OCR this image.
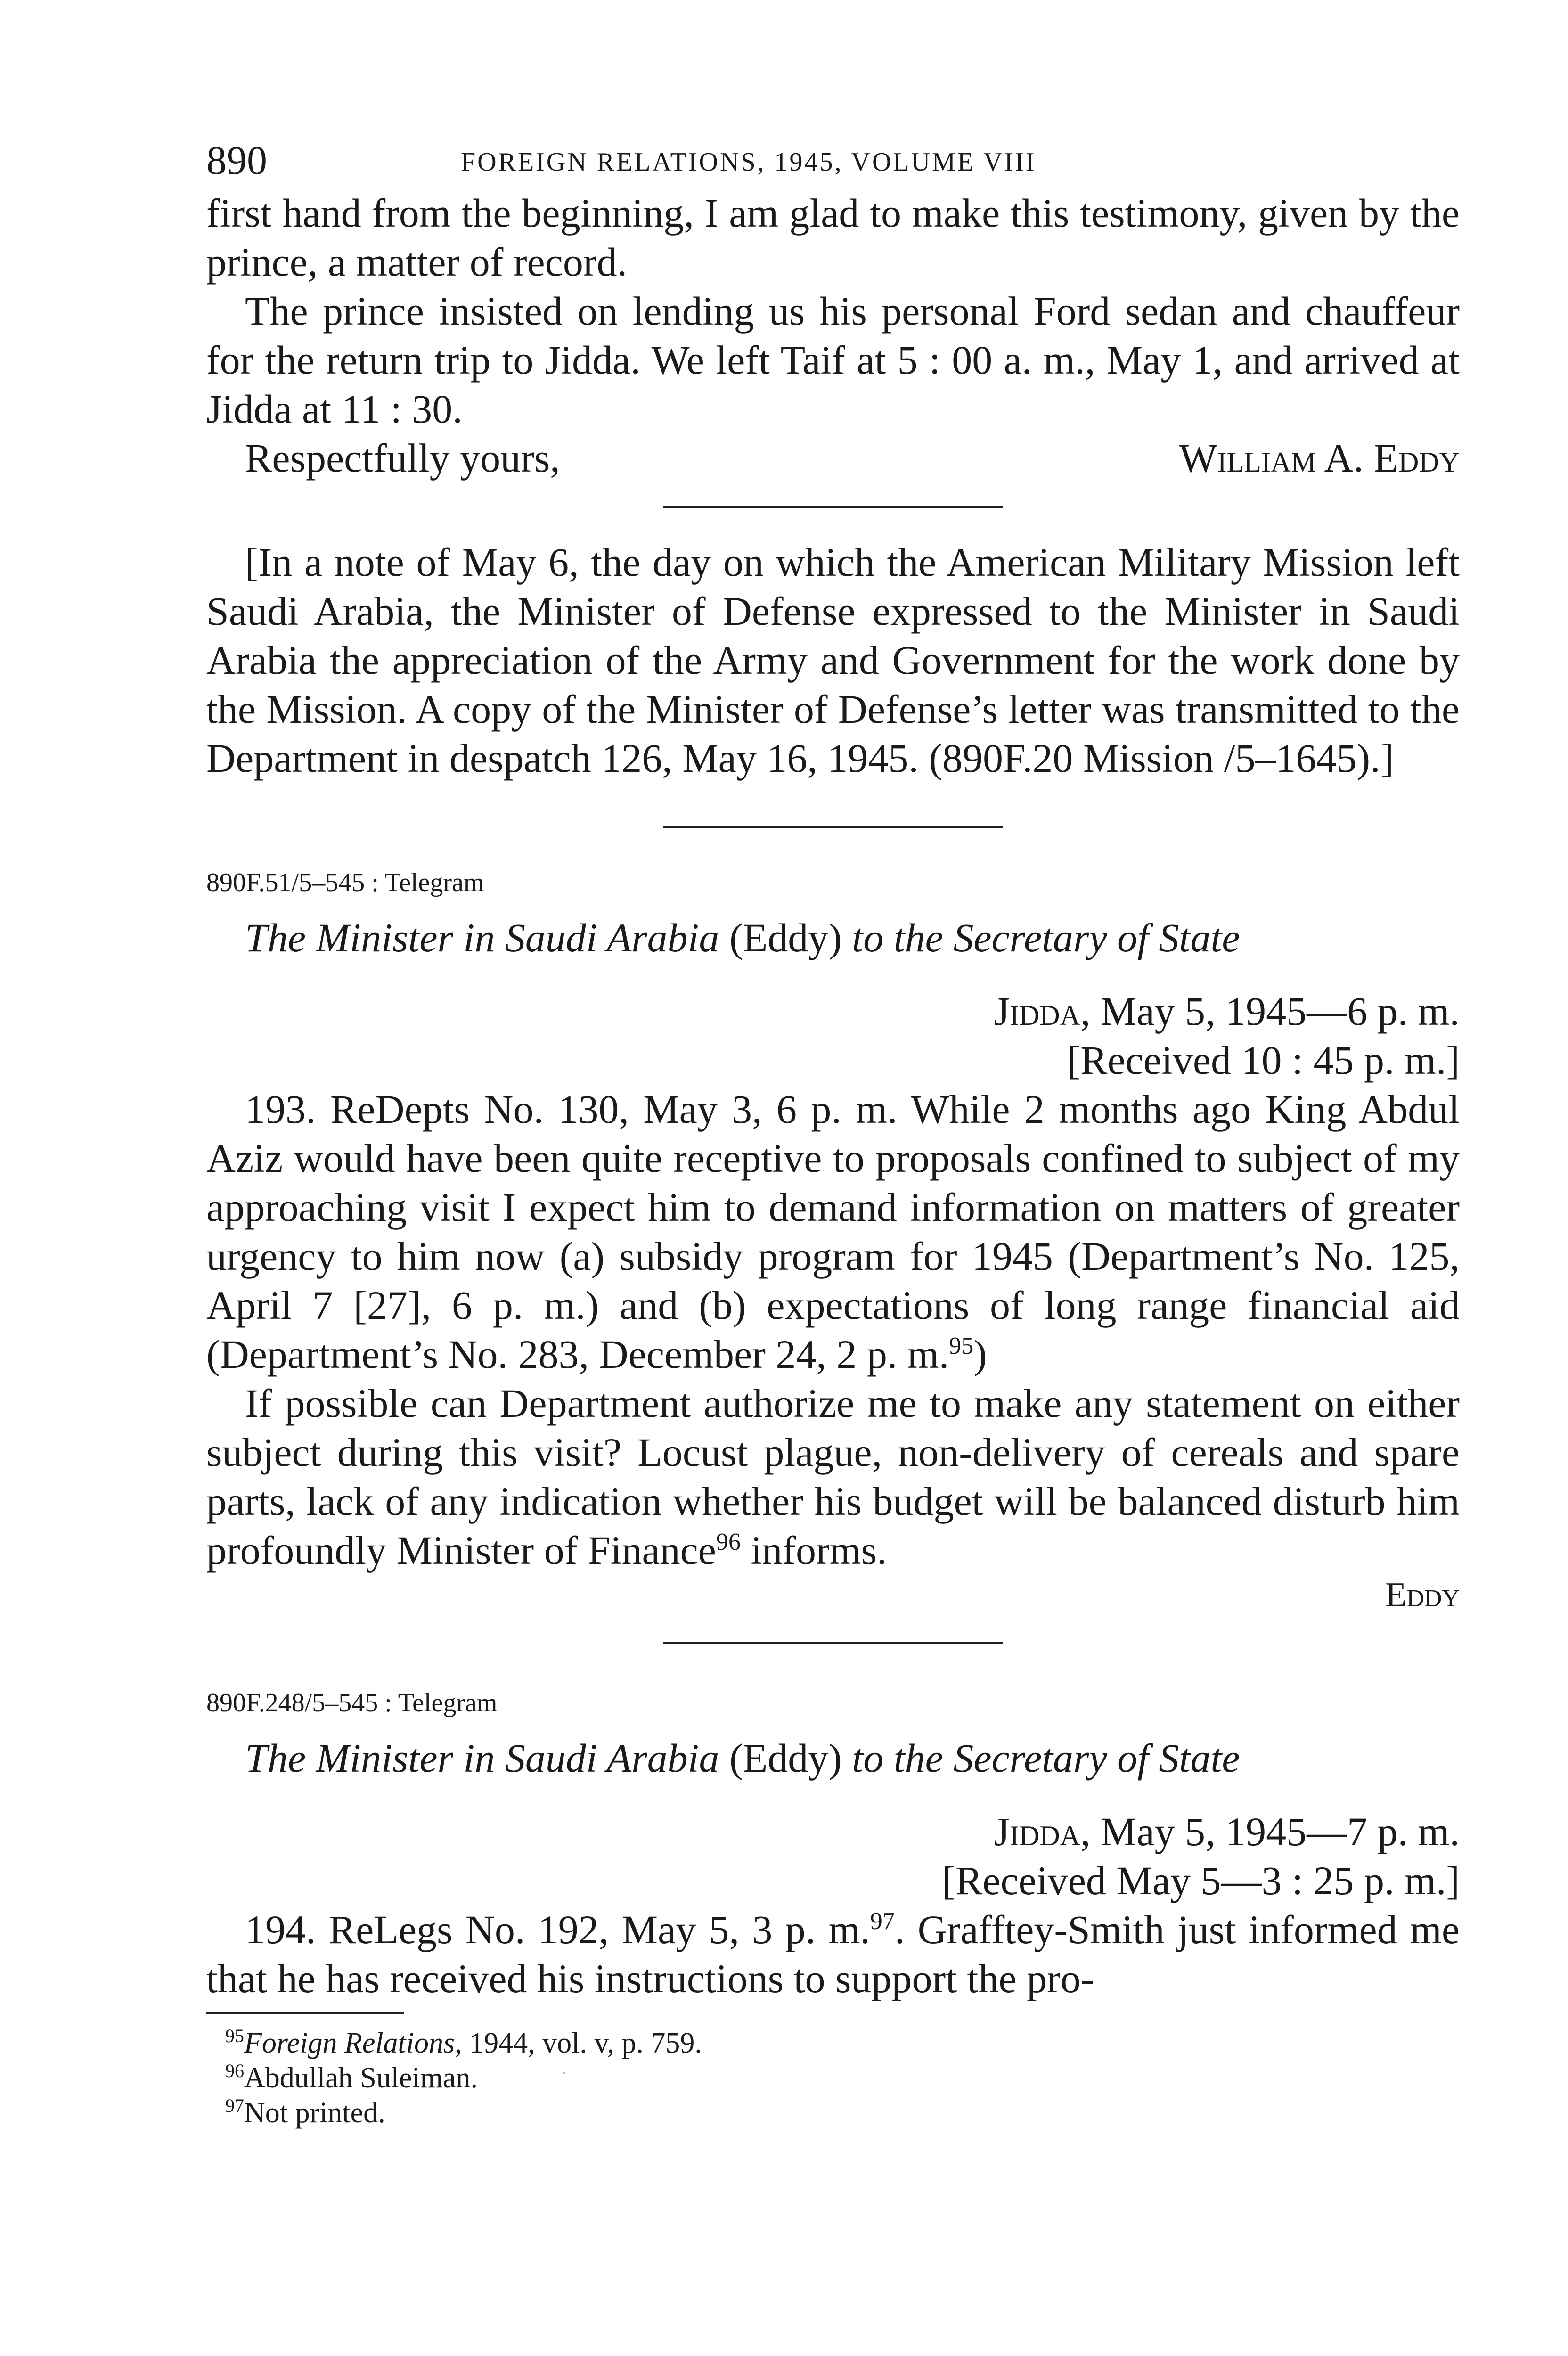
890	FOREIGN RELATIONS, 1945, VOLUME VIII

first hand from the beginning, I am glad to make this testimony, given by the prince, a matter of record.

The prince insisted on lending us his personal Ford sedan and chauffeur for the return trip to Jidda. We left Taif at 5 : 00 a. m., May 1, and arrived at Jidda at 11 : 30.

Respectfully yours,	William A. Eddy

[In a note of May 6, the day on which the American Military Mission left Saudi Arabia, the Minister of Defense expressed to the Minister in Saudi Arabia the appreciation of the Army and Government for the work done by the Mission. A copy of the Minister of Defense’s letter was transmitted to the Department in despatch 126, May 16, 1945. (890F.20 Mission /5–1645).]

890F.51/5–545 : Telegram
The Minister in Saudi Arabia (Eddy) to the Secretary of State
Jidda, May 5, 1945—6 p. m.
[Received 10 : 45 p. m.]

193. ReDepts No. 130, May 3, 6 p. m. While 2 months ago King Abdul Aziz would have been quite receptive to proposals confined to subject of my approaching visit I expect him to demand information on matters of greater urgency to him now (a) subsidy program for 1945 (Department’s No. 125, April 7 [27], 6 p. m.) and (b) expectations of long range financial aid (Department’s No. 283, December 24, 2 p. m.$^{95}$)

If possible can Department authorize me to make any statement on either subject during this visit? Locust plague, non-delivery of cereals and spare parts, lack of any indication whether his budget will be balanced disturb him profoundly Minister of Finance$^{96}$ informs.

Eddy
890F.248/5–545 : Telegram
The Minister in Saudi Arabia (Eddy) to the Secretary of State
Jidda, May 5, 1945—7 p. m.
[Received May 5—3 : 25 p. m.]

194. ReLegs No. 192, May 5, 3 p. m.$^{97}$. Grafftey-Smith just informed me that he has received his instructions to support the pro-

$^{95}$Foreign Relations, 1944, vol. v, p. 759.
$^{96}$Abdullah Suleiman.
$^{97}$Not printed.
